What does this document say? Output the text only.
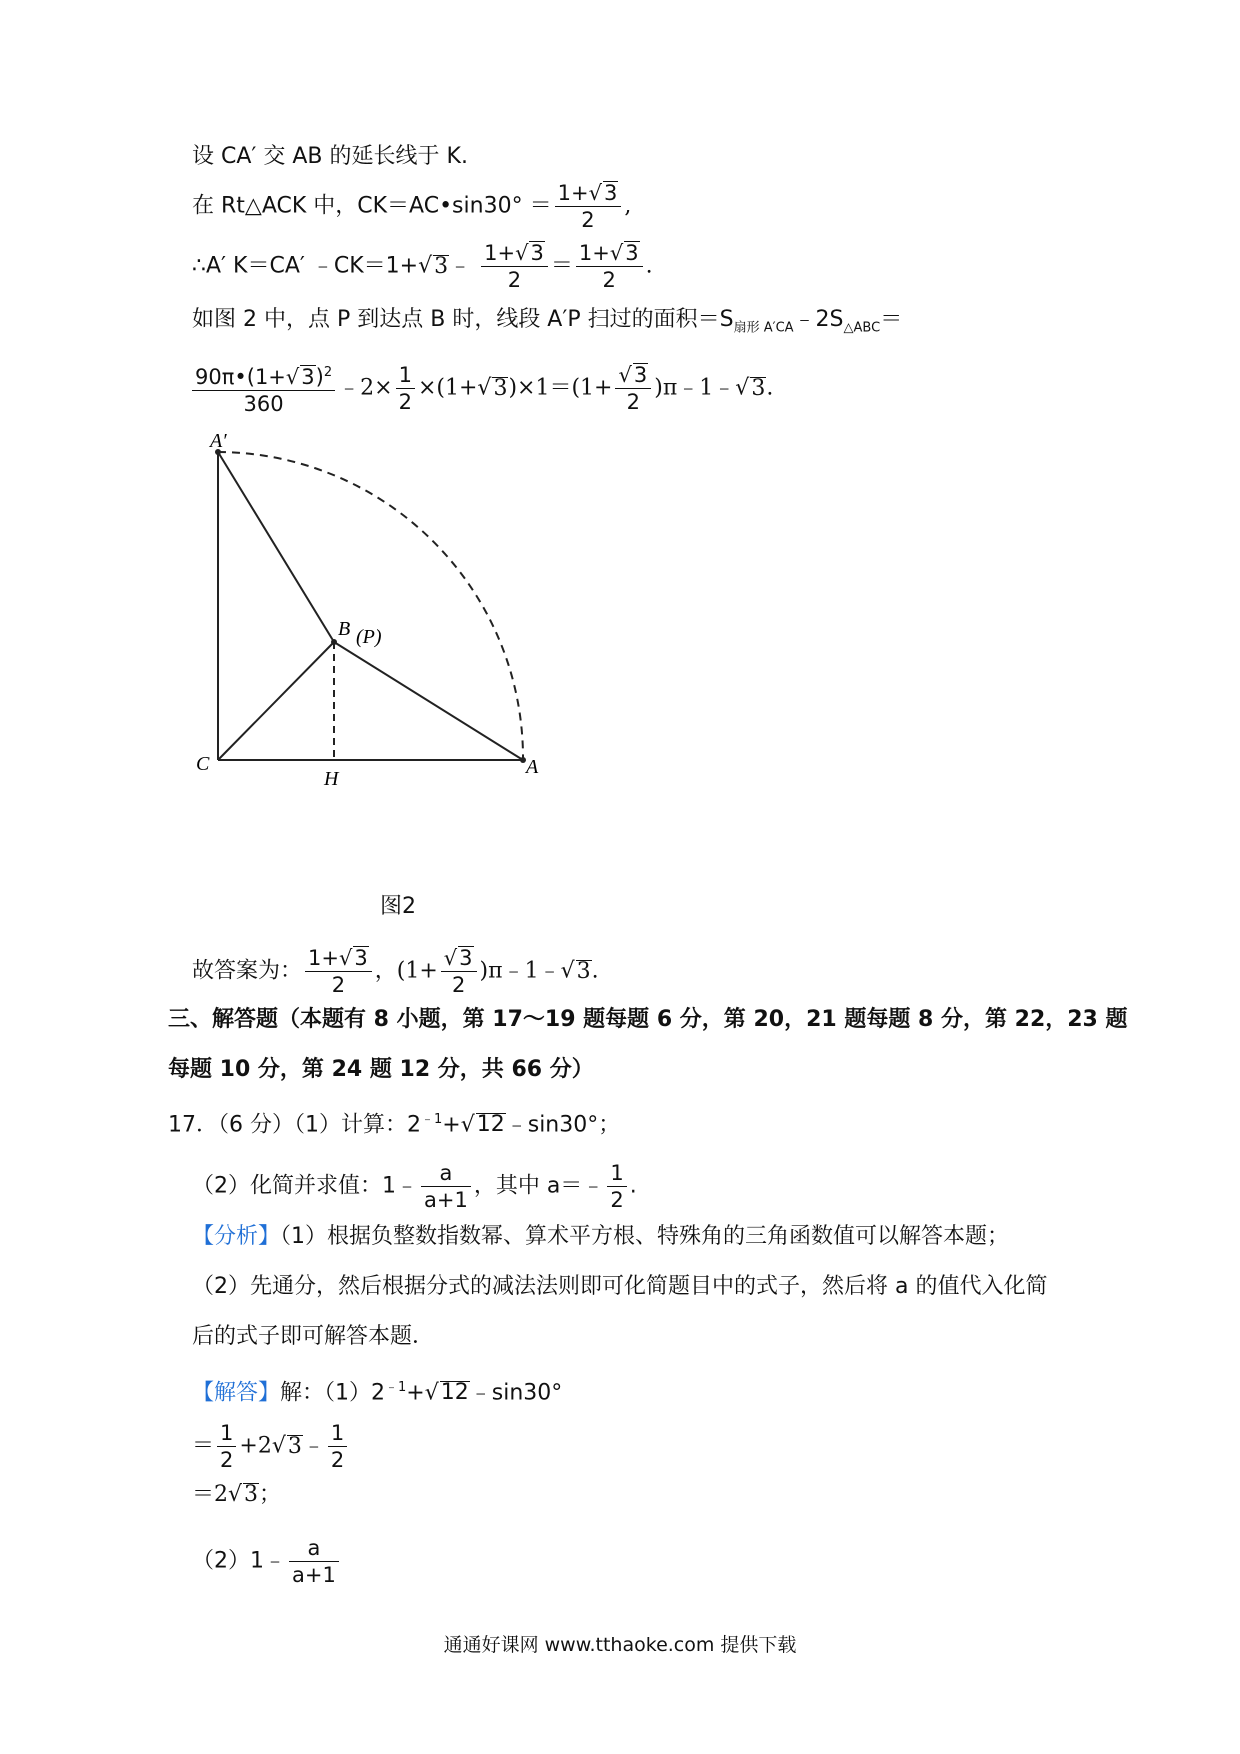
设 CA′ 交 AB 的延长线于 K.
在 Rt△ACK 中，CK＝AC•sin30° ＝ $\frac{1+√3}{2}$ ,
∴A′ K＝CA′ ﹣CK＝1+√3﹣ $\frac{1+√3}{2} = \frac{1+√3}{2}$ .
如图 2 中，点 P 到达点 B 时，线段 A′P 扫过的面积$=S_{扇形 A'CA}﹣2S_{\triangle ABC}=$
$\frac{90\pi•(1+√3)^2}{360}$ ﹣2× $\frac{1}{2} \times(1+√3)\times 1=(1+ \frac{√3}{2}$ )π﹣1﹣√3.
A′
B (P)
C
H
A
图2
故答案为： $\frac{1+√3}{2}$ ，($1+ \frac{√3}{2}$ )π﹣1﹣√3.
三、解答题（本题有 8 小题，第 17～19 题每题 6 分，第 20，21 题每题 8 分，第 22，23 题
每题 10 分，第 24 题 12 分，共 66 分）
17．（6 分）（1）计算：$2^{﹣1}+√12﹣\sin 30^\circ$；
（2）化简并求值：1﹣ $\frac{a}{a+1}$ ，其中 a＝﹣ $\frac{1}{2}$ .
【分析】（1）根据负整数指数幂、算术平方根、特殊角的三角函数值可以解答本题；
（2）先通分，然后根据分式的减法法则即可化简题目中的式子，然后将 a 的值代入化简
后的式子即可解答本题．
【解答】解：$(1)2^{﹣1}+√12﹣\sin 30^\circ$
＝ $\frac{1}{2}$ +2√3﹣ $\frac{1}{2}$
＝2√3；
（2）1﹣ $\frac{a}{a+1}$
通通好课网 www.tthaoke.com 提供下载
